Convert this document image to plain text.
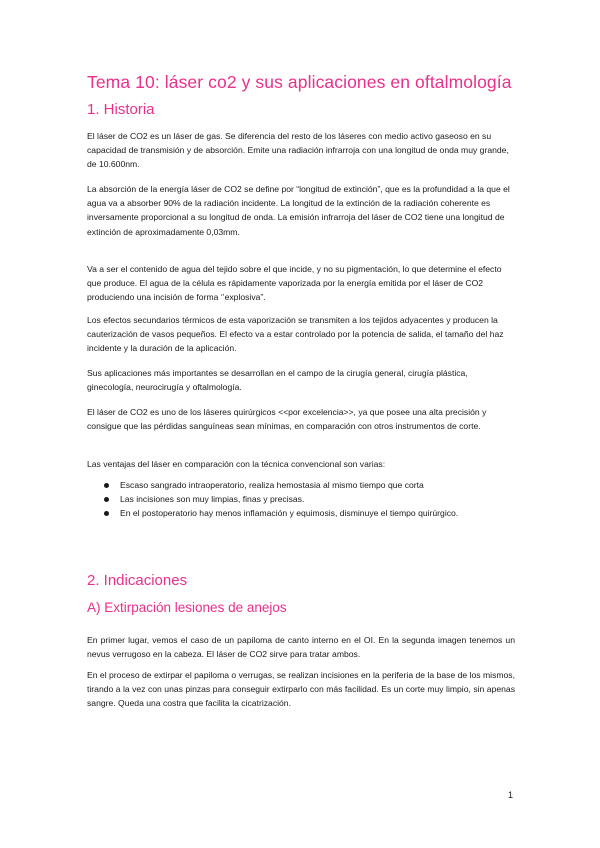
Tema 10: láser co2 y sus aplicaciones en oftalmología
1. Historia

El láser de CO2 es un láser de gas. Se diferencia del resto de los láseres con medio activo gaseoso en su capacidad de transmisión y de absorción. Emite una radiación infrarroja con una longitud de onda muy grande, de 10.600nm.

La absorción de la energía láser de CO2 se define por “longitud de extinción”, que es la profundidad a la que el agua va a absorber 90% de la radiación incidente. La longitud de la extinción de la radiación coherente es inversamente proporcional a su longitud de onda. La emisión infrarroja del láser de CO2 tiene una longitud de extinción de aproximadamente 0,03mm.

Va a ser el contenido de agua del tejido sobre el que incide, y no su pigmentación, lo que determine el efecto que produce. El agua de la célula es rápidamente vaporizada por la energía emitida por el láser de CO2 produciendo una incisión de forma ‘’explosiva”.

Los efectos secundarios térmicos de esta vaporización se transmiten a los tejidos adyacentes y producen la cauterización de vasos pequeños. El efecto va a estar controlado por la potencia de salida, el tamaño del haz incidente y la duración de la aplicación.

Sus aplicaciones más importantes se desarrollan en el campo de la cirugía general, cirugía plástica, ginecología, neurocirugía y oftalmología.

El láser de CO2 es uno de los láseres quirúrgicos <<por excelencia>>, ya que posee una alta precisión y consigue que las pérdidas sanguíneas sean mínimas, en comparación con otros instrumentos de corte.

Las ventajas del láser en comparación con la técnica convencional son varias:

Escaso sangrado intraoperatorio, realiza hemostasia al mismo tiempo que corta
Las incisiones son muy limpias, finas y precisas.
En el postoperatorio hay menos inflamación y equimosis, disminuye el tiempo quirúrgico.
2. Indicaciones
A) Extirpación lesiones de anejos

En primer lugar, vemos el caso de un papiloma de canto interno en el OI. En la segunda imagen tenemos un nevus verrugoso en la cabeza. El láser de CO2 sirve para tratar ambos.

En el proceso de extirpar el papiloma o verrugas, se realizan incisiones en la periferia de la base de los mismos, tirando a la vez con unas pinzas para conseguir extirparlo con más facilidad. Es un corte muy limpio, sin apenas sangre. Queda una costra que facilita la cicatrización.

1
